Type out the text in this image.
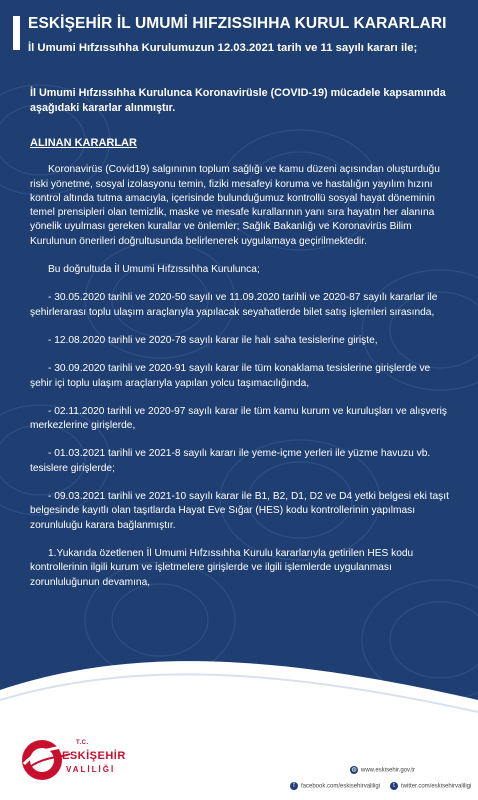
ESKİŞEHİR İL UMUMİ HIFZISSIHHA KURUL KARARLARI
İl Umumi Hıfzıssıhha Kurulumuzun 12.03.2021 tarih ve 11 sayılı kararı ile;

İl Umumi Hıfzıssıhha Kurulunca Koronavirüsle (COVID-19) mücadele kapsamında aşağıdaki kararlar alınmıştır.

ALINAN KARARLAR

Koronavirüs (Covid19) salgınının toplum sağlığı ve kamu düzeni açısından oluşturduğu riski yönetme, sosyal izolasyonu temin, fiziki mesafeyi koruma ve hastalığın yayılım hızını kontrol altında tutma amacıyla, içerisinde bulunduğumuz kontrollü sosyal hayat döneminin temel prensipleri olan temizlik, maske ve mesafe kurallarının yanı sıra hayatın her alanına yönelik uyulması gereken kurallar ve önlemler; Sağlık Bakanlığı ve Koronavirüs Bilim Kurulunun önerileri doğrultusunda belirlenerek uygulamaya geçirilmektedir.

Bu doğrultuda İl Umumi Hıfzıssıhha Kurulunca;

- 30.05.2020 tarihli ve 2020-50 sayılı ve 11.09.2020 tarihli ve 2020-87 sayılı kararlar ile şehirlerarası toplu ulaşım araçlarıyla yapılacak seyahatlerde bilet satış işlemleri sırasında,

- 12.08.2020 tarihli ve 2020-78 sayılı karar ile halı saha tesislerine girişte,

- 30.09.2020 tarihli ve 2020-91 sayılı karar ile tüm konaklama tesislerine girişlerde ve şehir içi toplu ulaşım araçlarıyla yapılan yolcu taşımacılığında,

- 02.11.2020 tarihli ve 2020-97 sayılı karar ile tüm kamu kurum ve kuruluşları ve alışveriş merkezlerine girişlerde,

- 01.03.2021 tarihli ve 2021-8 sayılı kararı ile yeme-içme yerleri ile yüzme havuzu vb. tesislere girişlerde;

- 09.03.2021 tarihli ve 2021-10 sayılı karar ile B1, B2, D1, D2 ve D4 yetki belgesi eki taşıt belgesinde kayıtlı olan taşıtlarda Hayat Eve Sığar (HES) kodu kontrollerinin yapılması zorunluluğu karara bağlanmıştır.

1.Yukarıda özetlenen İl Umumi Hıfzıssıhha Kurulu kararlarıyla getirilen HES kodu kontrollerinin ilgili kurum ve işletmelere girişlerde ve ilgili işlemlerde uygulanması zorunluluğunun devamına,

1
T.C.
ESKİŞEHİR
VALİLİĞİ	◍ www.eskisehir.gov.tr
f facebook.com/eskisehirvaliligi	t twitter.com/eskisehirvaliligi
